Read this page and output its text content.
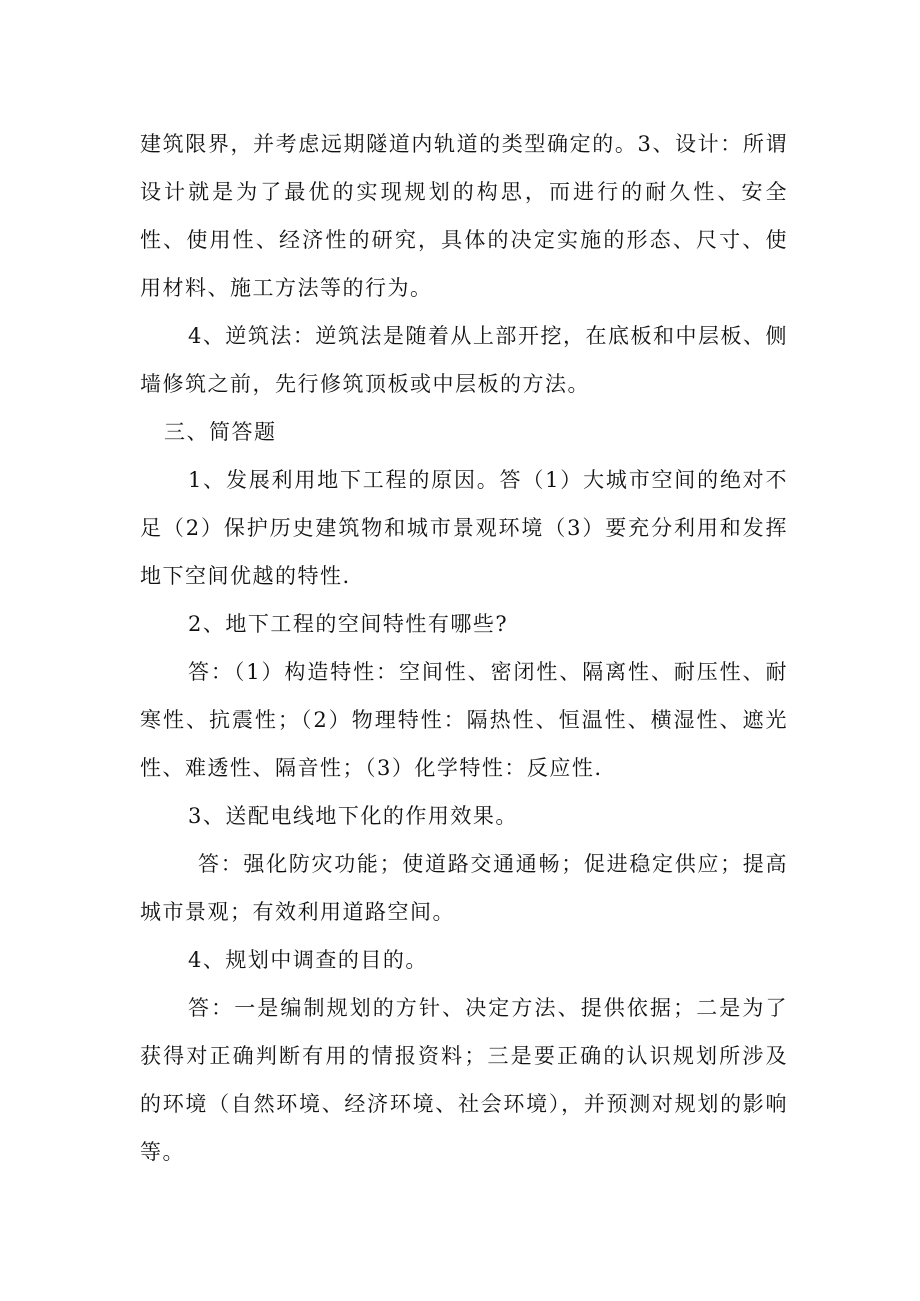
建筑限界，并考虑远期隧道内轨道的类型确定的。3、设计：所谓设计就是为了最优的实现规划的构思，而进行的耐久性、安全性、使用性、经济性的研究，具体的决定实施的形态、尺寸、使用材料、施工方法等的行为。

4、逆筑法：逆筑法是随着从上部开挖，在底板和中层板、侧墙修筑之前，先行修筑顶板或中层板的方法。

三、简答题

1、发展利用地下工程的原因。答（1）大城市空间的绝对不足（2）保护历史建筑物和城市景观环境（3）要充分利用和发挥地下空间优越的特性.

2、地下工程的空间特性有哪些?

答：（1）构造特性：空间性、密闭性、隔离性、耐压性、耐寒性、抗震性；（2）物理特性：隔热性、恒温性、横湿性、遮光性、难透性、隔音性；（3）化学特性：反应性.

3、送配电线地下化的作用效果。

答：强化防灾功能；使道路交通通畅；促进稳定供应；提高城市景观；有效利用道路空间。

4、规划中调查的目的。

答：一是编制规划的方针、决定方法、提供依据；二是为了获得对正确判断有用的情报资料；三是要正确的认识规划所涉及的环境（自然环境、经济环境、社会环境），并预测对规划的影响等。
